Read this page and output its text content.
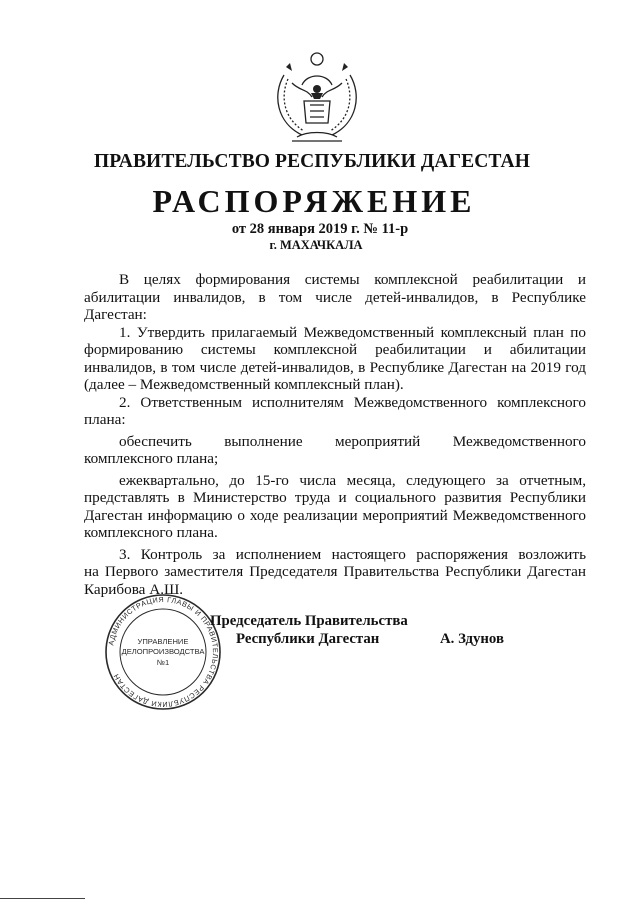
ПРАВИТЕЛЬСТВО РЕСПУБЛИКИ ДАГЕСТАН
РАСПОРЯЖЕНИЕ
от 28 января 2019 г. № 11-р
г. МАХАЧКАЛА

В целях формирования системы комплексной реабилитации и

абилитации инвалидов, в том числе детей-инвалидов, в Республике Дагестан:

1. Утвердить прилагаемый Межведомственный комплексный план по

формированию системы комплексной реабилитации и абилитации

инвалидов, в том числе детей-инвалидов, в Республике Дагестан на 2019 год

(далее – Межведомственный комплексный план).

2. Ответственным исполнителям Межведомственного комплексного

плана:

обеспечить выполнение мероприятий Межведомственного

комплексного плана;

ежеквартально, до 15-го числа месяца, следующего за отчетным,

представлять в Министерство труда и социального развития Республики

Дагестан информацию о ходе реализации мероприятий Межведомственного

комплексного плана.

3. Контроль за исполнением настоящего распоряжения возложить

на Первого заместителя Председателя Правительства Республики Дагестан

Карибова А.Ш.

АДМИНИСТРАЦИЯ ГЛАВЫ И ПРАВИТЕЛЬСТВА РЕСПУБЛИКИ ДАГЕСТАН
УПРАВЛЕНИЕ
ДЕЛОПРОИЗВОДСТВА
№1
Председатель Правительства
Республики Дагестан	А. Здунов
